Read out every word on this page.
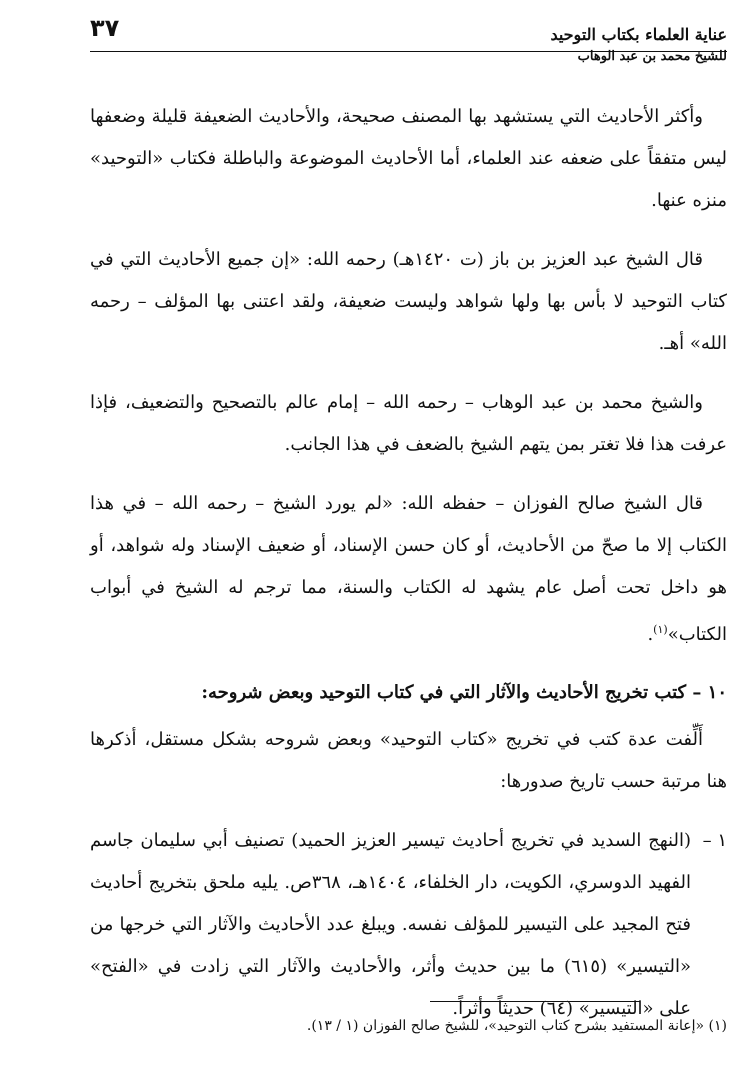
عناية العلماء بكتاب التوحيد
للشيخ محمد بن عبد الوهاب
٣٧

وأكثر الأحاديث التي يستشهد بها المصنف صحيحة، والأحاديث الضعيفة قليلة وضعفها ليس متفقاً على ضعفه عند العلماء، أما الأحاديث الموضوعة والباطلة فكتاب «التوحيد» منزه عنها.

قال الشيخ عبد العزيز بن باز (ت ١٤٢٠هـ) رحمه الله: «إن جميع الأحاديث التي في كتاب التوحيد لا بأس بها ولها شواهد وليست ضعيفة، ولقد اعتنى بها المؤلف – رحمه الله» أهـ.

والشيخ محمد بن عبد الوهاب – رحمه الله – إمام عالم بالتصحيح والتضعيف، فإذا عرفت هذا فلا تغتر بمن يتهم الشيخ بالضعف في هذا الجانب.

قال الشيخ صالح الفوزان – حفظه الله: «لم يورد الشيخ – رحمه الله – في هذا الكتاب إلا ما صحّ من الأحاديث، أو كان حسن الإسناد، أو ضعيف الإسناد وله شواهد، أو هو داخل تحت أصل عام يشهد له الكتاب والسنة، مما ترجم له الشيخ في أبواب الكتاب»$^{(١)}$.

١٠ – كتب تخريج الأحاديث والآثار التي في كتاب التوحيد وبعض شروحه:

أَلِّفت عدة كتب في تخريج «كتاب التوحيد» وبعض شروحه بشكل مستقل، أذكرها هنا مرتبة حسب تاريخ صدورها:

١ –
(النهج السديد في تخريج أحاديث تيسير العزيز الحميد) تصنيف أبي سليمان جاسم الفهيد الدوسري، الكويت، دار الخلفاء، ١٤٠٤هـ، ٣٦٨ص. يليه ملحق بتخريج أحاديث فتح المجيد على التيسير للمؤلف نفسه. ويبلغ عدد الأحاديث والآثار التي خرجها من «التيسير» (٦١٥) ما بين حديث وأثر، والأحاديث والآثار التي زادت في «الفتح» على «التيسير» (٦٤) حديثاً وأثراً.

(١) «إعانة المستفيد بشرح كتاب التوحيد»، للشيخ صالح الفوزان (١ / ١٣).
